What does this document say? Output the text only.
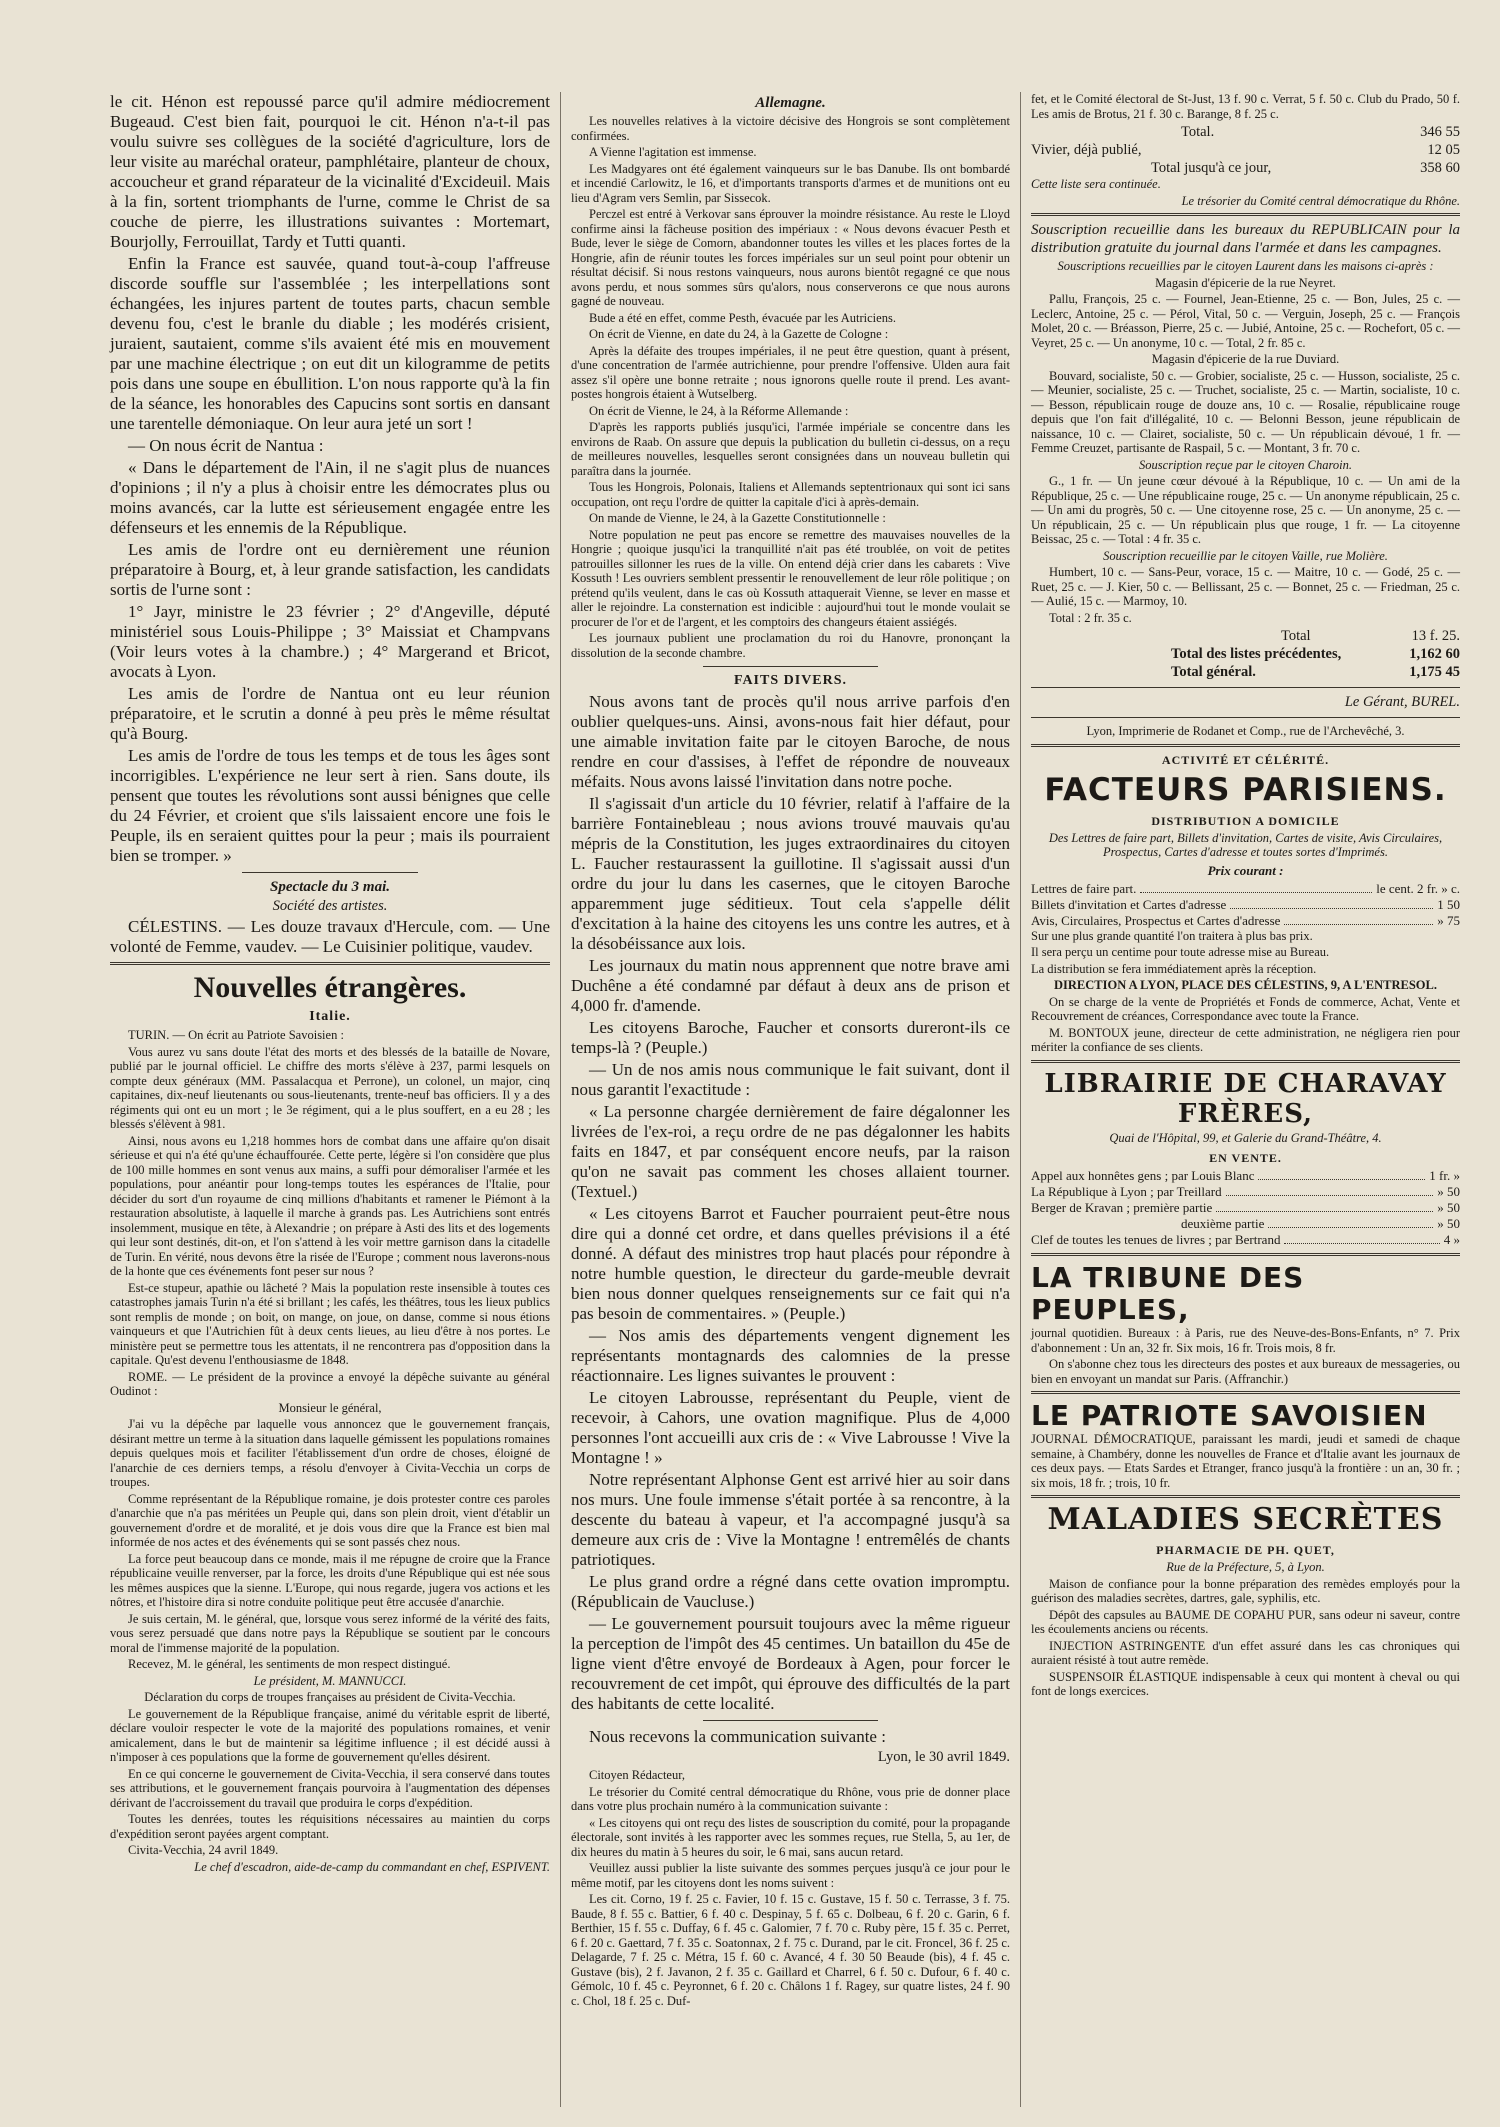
le cit. Hénon est repoussé parce qu'il admire médiocrement Bugeaud. C'est bien fait, pourquoi le cit. Hénon n'a-t-il pas voulu suivre ses collègues de la société d'agriculture, lors de leur visite au maréchal orateur, pamphlétaire, planteur de choux, accoucheur et grand réparateur de la vicinalité d'Excideuil. Mais à la fin, sortent triomphants de l'urne, comme le Christ de sa couche de pierre, les illustrations suivantes : Mortemart, Bourjolly, Ferrouillat, Tardy et Tutti quanti.

Enfin la France est sauvée, quand tout-à-coup l'affreuse discorde souffle sur l'assemblée ; les interpellations sont échangées, les injures partent de toutes parts, chacun semble devenu fou, c'est le branle du diable ; les modérés crisient, juraient, sautaient, comme s'ils avaient été mis en mouvement par une machine électrique ; on eut dit un kilogramme de petits pois dans une soupe en ébullition. L'on nous rapporte qu'à la fin de la séance, les honorables des Capucins sont sortis en dansant une tarentelle démoniaque. On leur aura jeté un sort !

— On nous écrit de Nantua :

« Dans le département de l'Ain, il ne s'agit plus de nuances d'opinions ; il n'y a plus à choisir entre les démocrates plus ou moins avancés, car la lutte est sérieusement engagée entre les défenseurs et les ennemis de la République.

Les amis de l'ordre ont eu dernièrement une réunion préparatoire à Bourg, et, à leur grande satisfaction, les candidats sortis de l'urne sont :

1° Jayr, ministre le 23 février ; 2° d'Angeville, député ministériel sous Louis-Philippe ; 3° Maissiat et Champvans (Voir leurs votes à la chambre.) ; 4° Margerand et Bricot, avocats à Lyon.

Les amis de l'ordre de Nantua ont eu leur réunion préparatoire, et le scrutin a donné à peu près le même résultat qu'à Bourg.

Les amis de l'ordre de tous les temps et de tous les âges sont incorrigibles. L'expérience ne leur sert à rien. Sans doute, ils pensent que toutes les révolutions sont aussi bénignes que celle du 24 Février, et croient que s'ils laissaient encore une fois le Peuple, ils en seraient quittes pour la peur ; mais ils pourraient bien se tromper. »

Spectacle du 3 mai.

Société des artistes.

CÉLESTINS. — Les douze travaux d'Hercule, com. — Une volonté de Femme, vaudev. — Le Cuisinier politique, vaudev.

Nouvelles étrangères.
Italie.

TURIN. — On écrit au Patriote Savoisien :

Vous aurez vu sans doute l'état des morts et des blessés de la bataille de Novare, publié par le journal officiel. Le chiffre des morts s'élève à 237, parmi lesquels on compte deux généraux (MM. Passalacqua et Perrone), un colonel, un major, cinq capitaines, dix-neuf lieutenants ou sous-lieutenants, trente-neuf bas officiers. Il y a des régiments qui ont eu un mort ; le 3e régiment, qui a le plus souffert, en a eu 28 ; les blessés s'élèvent à 981.

Ainsi, nous avons eu 1,218 hommes hors de combat dans une affaire qu'on disait sérieuse et qui n'a été qu'une échauffourée. Cette perte, légère si l'on considère que plus de 100 mille hommes en sont venus aux mains, a suffi pour démoraliser l'armée et les populations, pour anéantir pour long-temps toutes les espérances de l'Italie, pour décider du sort d'un royaume de cinq millions d'habitants et ramener le Piémont à la restauration absolutiste, à laquelle il marche à grands pas. Les Autrichiens sont entrés insolemment, musique en tête, à Alexandrie ; on prépare à Asti des lits et des logements qui leur sont destinés, dit-on, et l'on s'attend à les voir mettre garnison dans la citadelle de Turin. En vérité, nous devons être la risée de l'Europe ; comment nous laverons-nous de la honte que ces événements font peser sur nous ?

Est-ce stupeur, apathie ou lâcheté ? Mais la population reste insensible à toutes ces catastrophes jamais Turin n'a été si brillant ; les cafés, les théâtres, tous les lieux publics sont remplis de monde ; on boit, on mange, on joue, on danse, comme si nous étions vainqueurs et que l'Autrichien fût à deux cents lieues, au lieu d'être à nos portes. Le ministère peut se permettre tous les attentats, il ne rencontrera pas d'opposition dans la capitale. Qu'est devenu l'enthousiasme de 1848.

ROME. — Le président de la province a envoyé la dépêche suivante au général Oudinot :

Monsieur le général,

J'ai vu la dépêche par laquelle vous annoncez que le gouvernement français, désirant mettre un terme à la situation dans laquelle gémissent les populations romaines depuis quelques mois et faciliter l'établissement d'un ordre de choses, éloigné de l'anarchie de ces derniers temps, a résolu d'envoyer à Civita-Vecchia un corps de troupes.

Comme représentant de la République romaine, je dois protester contre ces paroles d'anarchie que n'a pas méritées un Peuple qui, dans son plein droit, vient d'établir un gouvernement d'ordre et de moralité, et je dois vous dire que la France est bien mal informée de nos actes et des événements qui se sont passés chez nous.

La force peut beaucoup dans ce monde, mais il me répugne de croire que la France républicaine veuille renverser, par la force, les droits d'une République qui est née sous les mêmes auspices que la sienne. L'Europe, qui nous regarde, jugera vos actions et les nôtres, et l'histoire dira si notre conduite politique peut être accusée d'anarchie.

Je suis certain, M. le général, que, lorsque vous serez informé de la vérité des faits, vous serez persuadé que dans notre pays la République se soutient par le concours moral de l'immense majorité de la population.

Recevez, M. le général, les sentiments de mon respect distingué.

Le président, M. MANNUCCI.

Déclaration du corps de troupes françaises au président de Civita-Vecchia.

Le gouvernement de la République française, animé du véritable esprit de liberté, déclare vouloir respecter le vote de la majorité des populations romaines, et venir amicalement, dans le but de maintenir sa légitime influence ; il est décidé aussi à n'imposer à ces populations que la forme de gouvernement qu'elles désirent.

En ce qui concerne le gouvernement de Civita-Vecchia, il sera conservé dans toutes ses attributions, et le gouvernement français pourvoira à l'augmentation des dépenses dérivant de l'accroissement du travail que produira le corps d'expédition.

Toutes les denrées, toutes les réquisitions nécessaires au maintien du corps d'expédition seront payées argent comptant.

Civita-Vecchia, 24 avril 1849.

Le chef d'escadron, aide-de-camp du commandant en chef, ESPIVENT.

Allemagne.

Les nouvelles relatives à la victoire décisive des Hongrois se sont complètement confirmées.

A Vienne l'agitation est immense.

Les Madgyares ont été également vainqueurs sur le bas Danube. Ils ont bombardé et incendié Carlowitz, le 16, et d'importants transports d'armes et de munitions ont eu lieu d'Agram vers Semlin, par Sissecok.

Perczel est entré à Verkovar sans éprouver la moindre résistance. Au reste le Lloyd confirme ainsi la fâcheuse position des impériaux : « Nous devons évacuer Pesth et Bude, lever le siège de Comorn, abandonner toutes les villes et les places fortes de la Hongrie, afin de réunir toutes les forces impériales sur un seul point pour obtenir un résultat décisif. Si nous restons vainqueurs, nous aurons bientôt regagné ce que nous avons perdu, et nous sommes sûrs qu'alors, nous conserverons ce que nous aurons gagné de nouveau.

Bude a été en effet, comme Pesth, évacuée par les Autriciens.

On écrit de Vienne, en date du 24, à la Gazette de Cologne :

Après la défaite des troupes impériales, il ne peut être question, quant à présent, d'une concentration de l'armée autrichienne, pour prendre l'offensive. Ulden aura fait assez s'il opère une bonne retraite ; nous ignorons quelle route il prend. Les avant-postes hongrois étaient à Wutselberg.

On écrit de Vienne, le 24, à la Réforme Allemande :

D'après les rapports publiés jusqu'ici, l'armée impériale se concentre dans les environs de Raab. On assure que depuis la publication du bulletin ci-dessus, on a reçu de meilleures nouvelles, lesquelles seront consignées dans un nouveau bulletin qui paraîtra dans la journée.

Tous les Hongrois, Polonais, Italiens et Allemands septentrionaux qui sont ici sans occupation, ont reçu l'ordre de quitter la capitale d'ici à après-demain.

On mande de Vienne, le 24, à la Gazette Constitutionnelle :

Notre population ne peut pas encore se remettre des mauvaises nouvelles de la Hongrie ; quoique jusqu'ici la tranquillité n'ait pas été troublée, on voit de petites patrouilles sillonner les rues de la ville. On entend déjà crier dans les cabarets : Vive Kossuth ! Les ouvriers semblent pressentir le renouvellement de leur rôle politique ; on prétend qu'ils veulent, dans le cas où Kossuth attaquerait Vienne, se lever en masse et aller le rejoindre. La consternation est indicible : aujourd'hui tout le monde voulait se procurer de l'or et de l'argent, et les comptoirs des changeurs étaient assiégés.

Les journaux publient une proclamation du roi du Hanovre, prononçant la dissolution de la seconde chambre.

FAITS DIVERS.

Nous avons tant de procès qu'il nous arrive parfois d'en oublier quelques-uns. Ainsi, avons-nous fait hier défaut, pour une aimable invitation faite par le citoyen Baroche, de nous rendre en cour d'assises, à l'effet de répondre de nouveaux méfaits. Nous avons laissé l'invitation dans notre poche.

Il s'agissait d'un article du 10 février, relatif à l'affaire de la barrière Fontainebleau ; nous avions trouvé mauvais qu'au mépris de la Constitution, les juges extraordinaires du citoyen L. Faucher restaurassent la guillotine. Il s'agissait aussi d'un ordre du jour lu dans les casernes, que le citoyen Baroche apparemment juge séditieux. Tout cela s'appelle délit d'excitation à la haine des citoyens les uns contre les autres, et à la désobéissance aux lois.

Les journaux du matin nous apprennent que notre brave ami Duchêne a été condamné par défaut à deux ans de prison et 4,000 fr. d'amende.

Les citoyens Baroche, Faucher et consorts dureront-ils ce temps-là ? (Peuple.)

— Un de nos amis nous communique le fait suivant, dont il nous garantit l'exactitude :

« La personne chargée dernièrement de faire dégalonner les livrées de l'ex-roi, a reçu ordre de ne pas dégalonner les habits faits en 1847, et par conséquent encore neufs, par la raison qu'on ne savait pas comment les choses allaient tourner. (Textuel.)

« Les citoyens Barrot et Faucher pourraient peut-être nous dire qui a donné cet ordre, et dans quelles prévisions il a été donné. A défaut des ministres trop haut placés pour répondre à notre humble question, le directeur du garde-meuble devrait bien nous donner quelques renseignements sur ce fait qui n'a pas besoin de commentaires. » (Peuple.)

— Nos amis des départements vengent dignement les représentants montagnards des calomnies de la presse réactionnaire. Les lignes suivantes le prouvent :

Le citoyen Labrousse, représentant du Peuple, vient de recevoir, à Cahors, une ovation magnifique. Plus de 4,000 personnes l'ont accueilli aux cris de : « Vive Labrousse ! Vive la Montagne ! »

Notre représentant Alphonse Gent est arrivé hier au soir dans nos murs. Une foule immense s'était portée à sa rencontre, à la descente du bateau à vapeur, et l'a accompagné jusqu'à sa demeure aux cris de : Vive la Montagne ! entremêlés de chants patriotiques.

Le plus grand ordre a régné dans cette ovation impromptu. (Républicain de Vaucluse.)

— Le gouvernement poursuit toujours avec la même rigueur la perception de l'impôt des 45 centimes. Un bataillon du 45e de ligne vient d'être envoyé de Bordeaux à Agen, pour forcer le recouvrement de cet impôt, qui éprouve des difficultés de la part des habitants de cette localité.

Nous recevons la communication suivante :

Lyon, le 30 avril 1849.

Citoyen Rédacteur,

Le trésorier du Comité central démocratique du Rhône, vous prie de donner place dans votre plus prochain numéro à la communication suivante :

« Les citoyens qui ont reçu des listes de souscription du comité, pour la propagande électorale, sont invités à les rapporter avec les sommes reçues, rue Stella, 5, au 1er, de dix heures du matin à 5 heures du soir, le 6 mai, sans aucun retard.

Veuillez aussi publier la liste suivante des sommes perçues jusqu'à ce jour pour le même motif, par les citoyens dont les noms suivent :

Les cit. Corno, 19 f. 25 c. Favier, 10 f. 15 c. Gustave, 15 f. 50 c. Terrasse, 3 f. 75. Baude, 8 f. 55 c. Battier, 6 f. 40 c. Despinay, 5 f. 65 c. Dolbeau, 6 f. 20 c. Garin, 6 f. Berthier, 15 f. 55 c. Duffay, 6 f. 45 c. Galomier, 7 f. 70 c. Ruby père, 15 f. 35 c. Perret, 6 f. 20 c. Gaettard, 7 f. 35 c. Soatonnax, 2 f. 75 c. Durand, par le cit. Froncel, 36 f. 25 c. Delagarde, 7 f. 25 c. Métra, 15 f. 60 c. Avancé, 4 f. 30 50 Beaude (bis), 4 f. 45 c. Gustave (bis), 2 f. Javanon, 2 f. 35 c. Gaillard et Charrel, 6 f. 50 c. Dufour, 6 f. 40 c. Gémolc, 10 f. 45 c. Peyronnet, 6 f. 20 c. Châlons 1 f. Ragey, sur quatre listes, 24 f. 90 c. Chol, 18 f. 25 c. Duf-

fet, et le Comité électoral de St-Just, 13 f. 90 c. Verrat, 5 f. 50 c. Club du Prado, 50 f. Les amis de Brotus, 21 f. 30 c. Barange, 8 f. 25 c.

Total.	346 55
Vivier, déjà publié,	12 05
Total jusqu'à ce jour,	358 60

Cette liste sera continuée.

Le trésorier du Comité central démocratique du Rhône.

Souscription recueillie dans les bureaux du REPUBLICAIN pour la distribution gratuite du journal dans l'armée et dans les campagnes.

Souscriptions recueillies par le citoyen Laurent dans les maisons ci-après :

Magasin d'épicerie de la rue Neyret.

Pallu, François, 25 c. — Fournel, Jean-Etienne, 25 c. — Bon, Jules, 25 c. — Leclerc, Antoine, 25 c. — Pérol, Vital, 50 c. — Verguin, Joseph, 25 c. — François Molet, 20 c. — Bréasson, Pierre, 25 c. — Jubié, Antoine, 25 c. — Rochefort, 05 c. — Veyret, 25 c. — Un anonyme, 10 c. — Total, 2 fr. 85 c.

Magasin d'épicerie de la rue Duviard.

Bouvard, socialiste, 50 c. — Grobier, socialiste, 25 c. — Husson, socialiste, 25 c. — Meunier, socialiste, 25 c. — Truchet, socialiste, 25 c. — Martin, socialiste, 10 c. — Besson, républicain rouge de douze ans, 10 c. — Rosalie, républicaine rouge depuis que l'on fait d'illégalité, 10 c. — Belonni Besson, jeune républicain de naissance, 10 c. — Clairet, socialiste, 50 c. — Un républicain dévoué, 1 fr. — Femme Creuzet, partisante de Raspail, 5 c. — Montant, 3 fr. 70 c.

Souscription reçue par le citoyen Charoin.

G., 1 fr. — Un jeune cœur dévoué à la République, 10 c. — Un ami de la République, 25 c. — Une républicaine rouge, 25 c. — Un anonyme républicain, 25 c. — Un ami du progrès, 50 c. — Une citoyenne rose, 25 c. — Un anonyme, 25 c. — Un républicain, 25 c. — Un républicain plus que rouge, 1 fr. — La citoyenne Beissac, 25 c. — Total : 4 fr. 35 c.

Souscription recueillie par le citoyen Vaille, rue Molière.

Humbert, 10 c. — Sans-Peur, vorace, 15 c. — Maitre, 10 c. — Godé, 25 c. — Ruet, 25 c. — J. Kier, 50 c. — Bellissant, 25 c. — Bonnet, 25 c. — Friedman, 25 c. — Aulié, 15 c. — Marmoy, 10.

Total : 2 fr. 35 c.

Total	13 f. 25.
Total des listes précédentes,	1,162 60
Total général.	1,175 45

Le Gérant, BUREL.

Lyon, Imprimerie de Rodanet et Comp., rue de l'Archevêché, 3.

ACTIVITÉ ET CÉLÉRITÉ.
FACTEURS PARISIENS.
DISTRIBUTION A DOMICILE

Des Lettres de faire part, Billets d'invitation, Cartes de visite, Avis Circulaires, Prospectus, Cartes d'adresse et toutes sortes d'Imprimés.

Prix courant :
Lettres de faire part.	le cent. 2 fr. » c.
Billets d'invitation et Cartes d'adresse	1 50
Avis, Circulaires, Prospectus et Cartes d'adresse	» 75

Sur une plus grande quantité l'on traitera à plus bas prix.

Il sera perçu un centime pour toute adresse mise au Bureau.

La distribution se fera immédiatement après la réception.

DIRECTION A LYON, PLACE DES CÉLESTINS, 9, A L'ENTRESOL.

On se charge de la vente de Propriétés et Fonds de commerce, Achat, Vente et Recouvrement de créances, Correspondance avec toute la France.

M. BONTOUX jeune, directeur de cette administration, ne négligera rien pour mériter la confiance de ses clients.

LIBRAIRIE DE CHARAVAY FRÈRES,

Quai de l'Hôpital, 99, et Galerie du Grand-Théâtre, 4.

EN VENTE.
Appel aux honnêtes gens ; par Louis Blanc	1 fr. »
La République à Lyon ; par Treillard	» 50
Berger de Kravan ; première partie	» 50
deuxième partie	» 50
Clef de toutes les tenues de livres ; par Bertrand	4 »
LA TRIBUNE DES PEUPLES,

journal quotidien. Bureaux : à Paris, rue des Neuve-des-Bons-Enfants, n° 7. Prix d'abonnement : Un an, 32 fr. Six mois, 16 fr. Trois mois, 8 fr.

On s'abonne chez tous les directeurs des postes et aux bureaux de messageries, ou bien en envoyant un mandat sur Paris. (Affranchir.)

LE PATRIOTE SAVOISIEN

JOURNAL DÉMOCRATIQUE, paraissant les mardi, jeudi et samedi de chaque semaine, à Chambéry, donne les nouvelles de France et d'Italie avant les journaux de ces deux pays. — Etats Sardes et Etranger, franco jusqu'à la frontière : un an, 30 fr. ; six mois, 18 fr. ; trois, 10 fr.

MALADIES SECRÈTES
PHARMACIE DE PH. QUET,

Rue de la Préfecture, 5, à Lyon.

Maison de confiance pour la bonne préparation des remèdes employés pour la guérison des maladies secrètes, dartres, gale, syphilis, etc.

Dépôt des capsules au BAUME DE COPAHU PUR, sans odeur ni saveur, contre les écoulements anciens ou récents.

INJECTION ASTRINGENTE d'un effet assuré dans les cas chroniques qui auraient résisté à tout autre remède.

SUSPENSOIR ÉLASTIQUE indispensable à ceux qui montent à cheval ou qui font de longs exercices.
